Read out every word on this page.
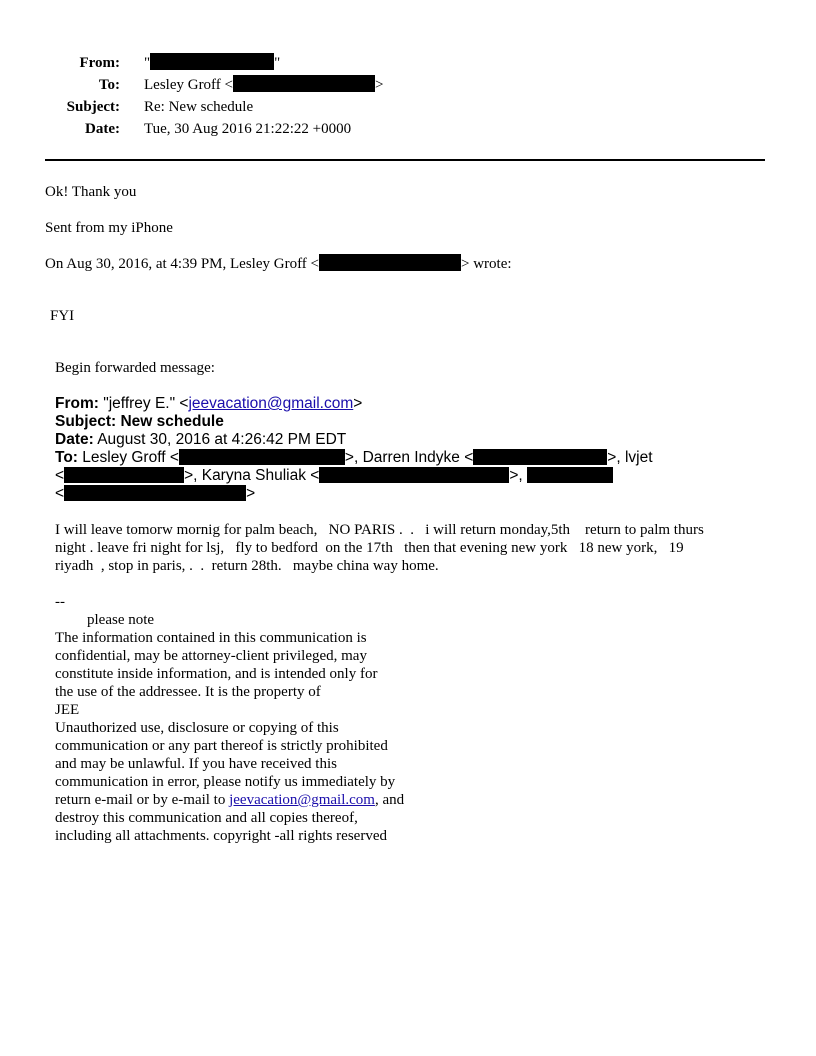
From: "	"
To: Lesley Groff <	>
Subject: Re: New schedule
Date: Tue, 30 Aug 2016 21:22:22 +0000
Ok! Thank you
Sent from my iPhone
On Aug 30, 2016, at 4:39 PM, Lesley Groff <	> wrote:
FYI
Begin forwarded message:
From: "jeffrey E." <jeevacation@gmail.com>
Subject: New schedule
Date: August 30, 2016 at 4:26:42 PM EDT
To: Lesley Groff <	>, Darren Indyke <	>, lvjet
<	>, Karyna Shuliak <	>,
<	>
I will leave tomorw mornig for palm beach,   NO PARIS .  .   i will return monday,5th    return to palm thurs
night . leave fri night for lsj,   fly to bedford  on the 17th   then that evening new york   18 new york,   19
riyadh  , stop in paris, .  .  return 28th.   maybe china way home.
--
please note
The information contained in this communication is
confidential, may be attorney-client privileged, may
constitute inside information, and is intended only for
the use of the addressee. It is the property of
JEE
Unauthorized use, disclosure or copying of this
communication or any part thereof is strictly prohibited
and may be unlawful. If you have received this
communication in error, please notify us immediately by
return e-mail or by e-mail to jeevacation@gmail.com, and
destroy this communication and all copies thereof,
including all attachments. copyright -all rights reserved
